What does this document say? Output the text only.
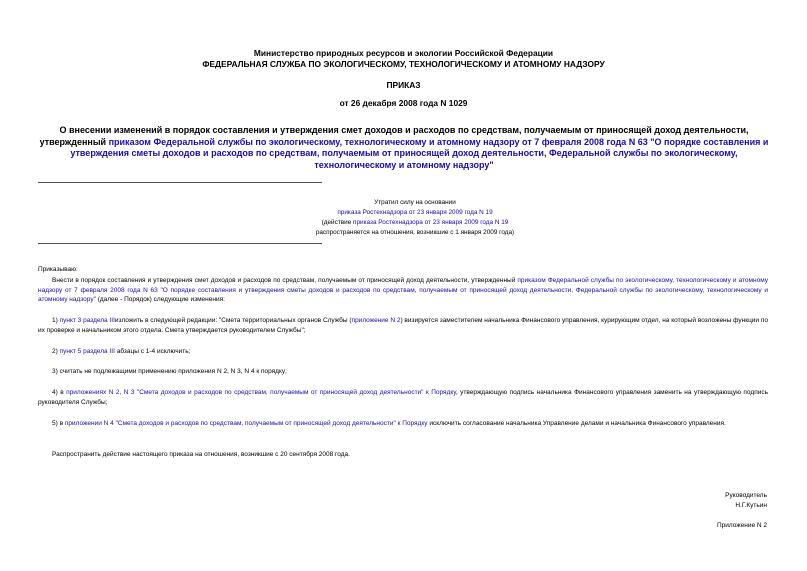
Министерство природных ресурсов и экологии Российской Федерации
ФЕДЕРАЛЬНАЯ СЛУЖБА ПО ЭКОЛОГИЧЕСКОМУ, ТЕХНОЛОГИЧЕСКОМУ И АТОМНОМУ НАДЗОРУ
ПРИКАЗ
от 26 декабря 2008 года N 1029
О внесении изменений в порядок составления и утверждения смет доходов и расходов по средствам, получаемым от приносящей доход деятельности, утвержденный приказом Федеральной службы по экологическому, технологическому и атомному надзору от 7 февраля 2008 года N 63 "О порядке составления и утверждения сметы доходов и расходов по средствам, получаемым от приносящей доход деятельности, Федеральной службы по экологическому, технологическому и атомному надзору"
Утратил силу на основании
приказа Ростехнадзора от 23 января 2009 года N 19
(действие приказа Ростехнадзора от 23 января 2009 года N 19
распространяется на отношения, возникшие с 1 января 2009 года)
Приказываю:
Внести в порядок составления и утверждения смет доходов и расходов по средствам, получаемым от приносящей доход деятельности, утвержденный приказом Федеральной службы по экологическому, технологическому и атомному надзору от 7 февраля 2008 года N 63 "О порядке составления и утверждения сметы доходов и расходов по средствам, получаемым от приносящей доход деятельности, Федеральной службы по экологическому, технологическому и атомному надзору" (далее - Порядок) следующие изменения:
1) пункт 3 раздела IIIизложить в следующей редакции: "Смета территориальных органов Службы (приложение N 2) визируется заместителем начальника Финансового управления, курирующим отдел, на который возложены функции по их проверке и начальником этого отдела. Смета утверждается руководителем Службы";
2) пункт 5 раздела III абзацы с 1-4 исключить;
3) считать не подлежащими применению приложения N 2, N 3, N 4 к порядку;
4) в приложениях N 2, N 3 "Смета доходов и расходов по средствам, получаемым от приносящей доход деятельности" к Порядку, утверждающую подпись начальника Финансового управления заменить на утверждающую подпись руководителя Службы;
5) в приложении N 4 "Смета доходов и расходов по средствам, получаемым от приносящей доход деятельности" к Порядку исключить согласование начальника Управление делами и начальника Финансового управления.
Распространить действие настоящего приказа на отношения, возникшие с 20 сентября 2008 года.
Руководитель
Н.Г.Кутьин
Приложение N 2
